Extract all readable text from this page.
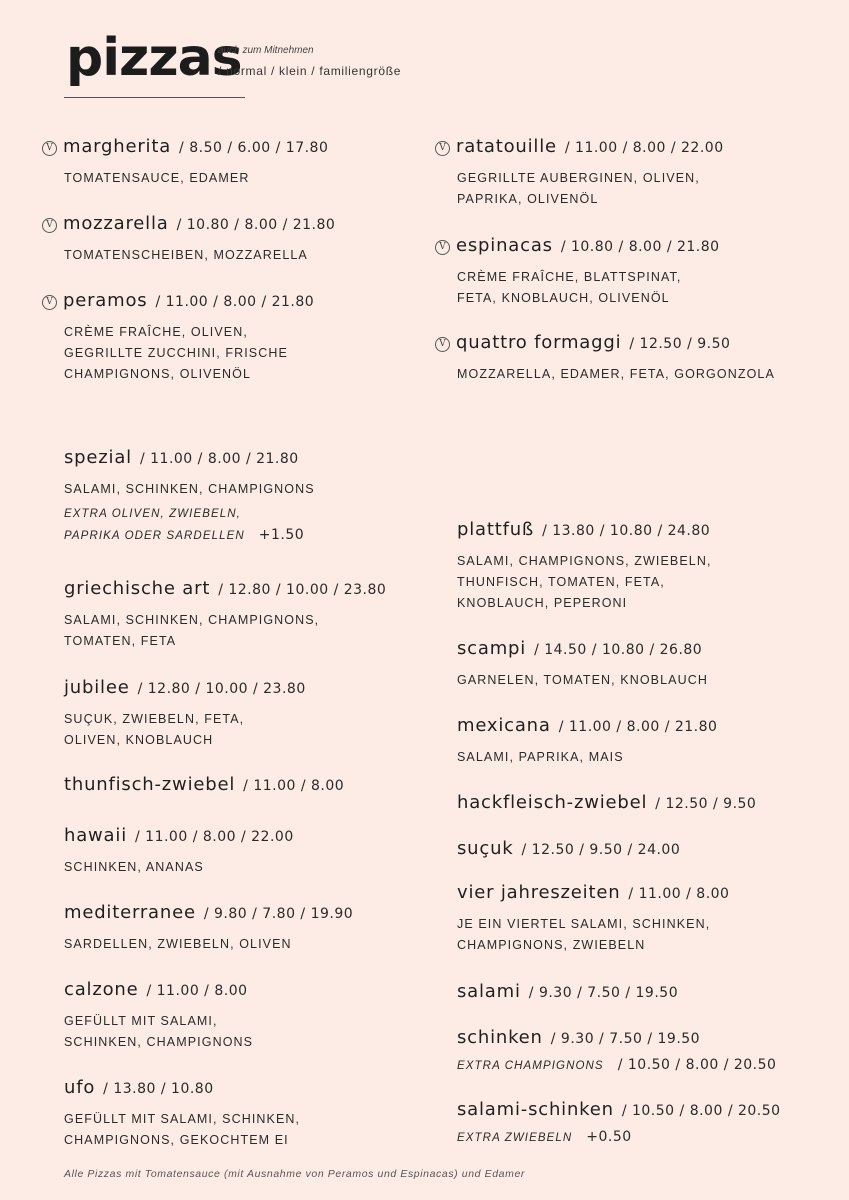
pizzas
auch zum Mitnehmen
/ normal / klein / familiengröße
V margherita / 8.50 / 6.00 / 17.80
TOMATENSAUCE, EDAMER
V mozzarella / 10.80 / 8.00 / 21.80
TOMATENSCHEIBEN, MOZZARELLA
V peramos / 11.00 / 8.00 / 21.80
CRÈME FRAÎCHE, OLIVEN,
GEGRILLTE ZUCCHINI, FRISCHE
CHAMPIGNONS, OLIVENÖL
spezial / 11.00 / 8.00 / 21.80
SALAMI, SCHINKEN, CHAMPIGNONS
EXTRA OLIVEN, ZWIEBELN,
PAPRIKA ODER SARDELLEN +1.50
griechische art / 12.80 / 10.00 / 23.80
SALAMI, SCHINKEN, CHAMPIGNONS,
TOMATEN, FETA
jubilee / 12.80 / 10.00 / 23.80
SUÇUK, ZWIEBELN, FETA,
OLIVEN, KNOBLAUCH
thunfisch-zwiebel / 11.00 / 8.00
hawaii / 11.00 / 8.00 / 22.00
SCHINKEN, ANANAS
mediterranee / 9.80 / 7.80 / 19.90
SARDELLEN, ZWIEBELN, OLIVEN
calzone / 11.00 / 8.00
GEFÜLLT MIT SALAMI,
SCHINKEN, CHAMPIGNONS
ufo / 13.80 / 10.80
GEFÜLLT MIT SALAMI, SCHINKEN,
CHAMPIGNONS, GEKOCHTEM EI
V ratatouille / 11.00 / 8.00 / 22.00
GEGRILLTE AUBERGINEN, OLIVEN,
PAPRIKA, OLIVENÖL
V espinacas / 10.80 / 8.00 / 21.80
CRÈME FRAÎCHE, BLATTSPINAT,
FETA, KNOBLAUCH, OLIVENÖL
V quattro formaggi / 12.50 / 9.50
MOZZARELLA, EDAMER, FETA, GORGONZOLA
plattfuß / 13.80 / 10.80 / 24.80
SALAMI, CHAMPIGNONS, ZWIEBELN,
THUNFISCH, TOMATEN, FETA,
KNOBLAUCH, PEPERONI
scampi / 14.50 / 10.80 / 26.80
GARNELEN, TOMATEN, KNOBLAUCH
mexicana / 11.00 / 8.00 / 21.80
SALAMI, PAPRIKA, MAIS
hackfleisch-zwiebel / 12.50 / 9.50
suçuk / 12.50 / 9.50 / 24.00
vier jahreszeiten / 11.00 / 8.00
JE EIN VIERTEL SALAMI, SCHINKEN,
CHAMPIGNONS, ZWIEBELN
salami / 9.30 / 7.50 / 19.50
schinken / 9.30 / 7.50 / 19.50
EXTRA CHAMPIGNONS / 10.50 / 8.00 / 20.50
salami-schinken / 10.50 / 8.00 / 20.50
EXTRA ZWIEBELN +0.50
Alle Pizzas mit Tomatensauce (mit Ausnahme von Peramos und Espinacas) und Edamer
